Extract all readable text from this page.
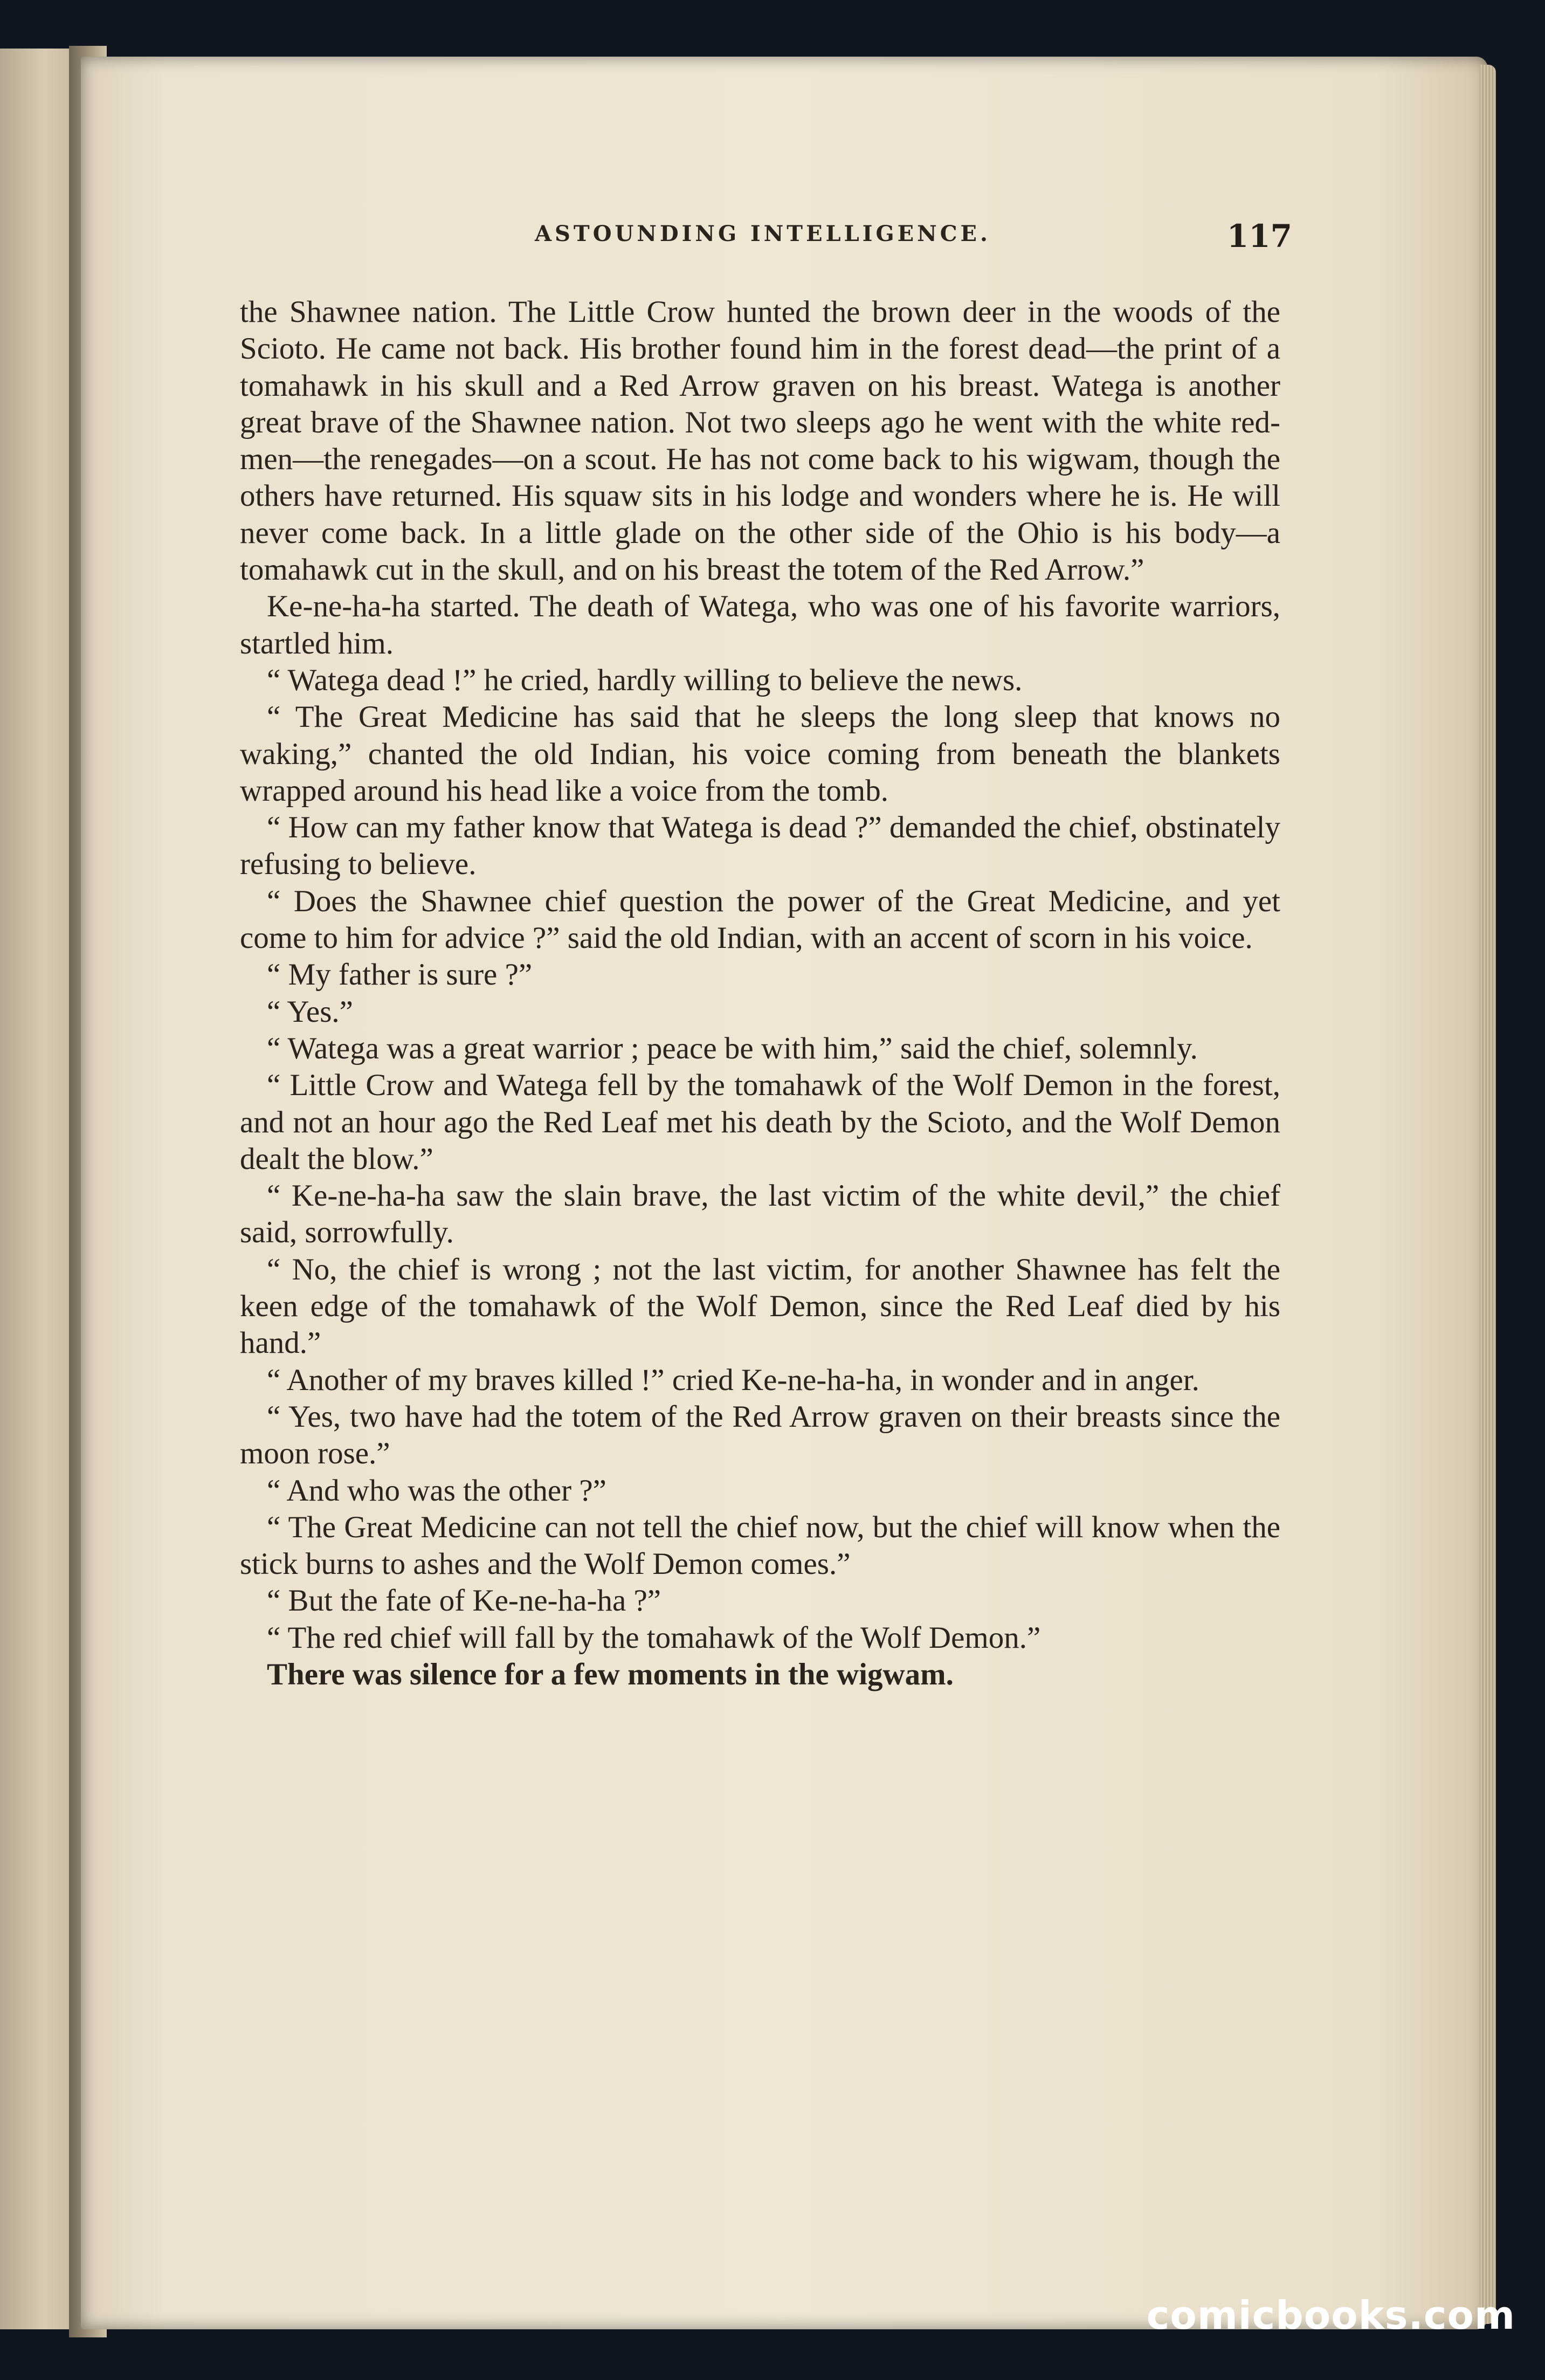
ASTOUNDING INTELLIGENCE.	117

the Shawnee nation. The Little Crow hunted the brown deer in the woods of the Scioto. He came not back. His brother found him in the forest dead—the print of a tomahawk in his skull and a Red Arrow graven on his breast. Watega is another great brave of the Shawnee nation. Not two sleeps ago he went with the white red-men—the renegades—on a scout. He has not come back to his wigwam, though the others have returned. His squaw sits in his lodge and wonders where he is. He will never come back. In a little glade on the other side of the Ohio is his body—a tomahawk cut in the skull, and on his breast the totem of the Red Arrow.”

Ke-ne-ha-ha started. The death of Watega, who was one of his favorite warriors, startled him.

“ Watega dead !” he cried, hardly willing to believe the news.

“ The Great Medicine has said that he sleeps the long sleep that knows no waking,” chanted the old Indian, his voice coming from beneath the blankets wrapped around his head like a voice from the tomb.

“ How can my father know that Watega is dead ?” demanded the chief, obstinately refusing to believe.

“ Does the Shawnee chief question the power of the Great Medicine, and yet come to him for advice ?” said the old Indian, with an accent of scorn in his voice.

“ My father is sure ?”

“ Yes.”

“ Watega was a great warrior ; peace be with him,” said the chief, solemnly.

“ Little Crow and Watega fell by the tomahawk of the Wolf Demon in the forest, and not an hour ago the Red Leaf met his death by the Scioto, and the Wolf Demon dealt the blow.”

“ Ke-ne-ha-ha saw the slain brave, the last victim of the white devil,” the chief said, sorrowfully.

“ No, the chief is wrong ; not the last victim, for another Shawnee has felt the keen edge of the tomahawk of the Wolf Demon, since the Red Leaf died by his hand.”

“ Another of my braves killed !” cried Ke-ne-ha-ha, in wonder and in anger.

“ Yes, two have had the totem of the Red Arrow graven on their breasts since the moon rose.”

“ And who was the other ?”

“ The Great Medicine can not tell the chief now, but the chief will know when the stick burns to ashes and the Wolf Demon comes.”

“ But the fate of Ke-ne-ha-ha ?”

“ The red chief will fall by the tomahawk of the Wolf Demon.”

There was silence for a few moments in the wigwam.

comicbooks.com
